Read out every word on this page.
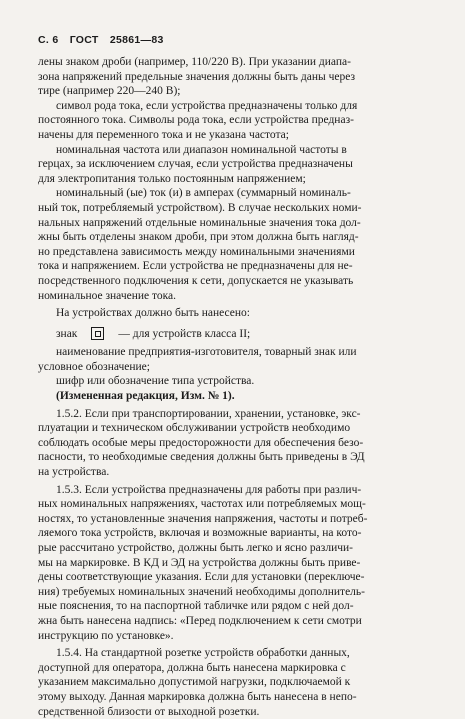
С. 6 ГОСТ 25861—83
лены знаком дроби (например, 110/220 В). При указании диапа-
зона напряжений предельные значения должны быть даны через
тире (например 220—240 В);
символ рода тока, если устройства предназначены только для
постоянного тока. Символы рода тока, если устройства предназ-
начены для переменного тока и не указана частота;
номинальная частота или диапазон номинальной частоты в
герцах, за исключением случая, если устройства предназначены
для электропитания только постоянным напряжением;
номинальный (ые) ток (и) в амперах (суммарный номиналь-
ный ток, потребляемый устройством). В случае нескольких номи-
нальных напряжений отдельные номинальные значения тока дол-
жны быть отделены знаком дроби, при этом должна быть нагляд-
но представлена зависимость между номинальными значениями
тока и напряжением. Если устройства не предназначены для не-
посредственного подключения к сети, допускается не указывать
номинальное значение тока.
На устройствах должно быть нанесено:
знак	— для устройств класса II;
наименование предприятия-изготовителя, товарный знак или
условное обозначение;
шифр или обозначение типа устройства.
(Измененная редакция, Изм. № 1).
1.5.2. Если при транспортировании, хранении, установке, экс-
плуатации и техническом обслуживании устройств необходимо
соблюдать особые меры предосторожности для обеспечения безо-
пасности, то необходимые сведения должны быть приведены в ЭД
на устройства.
1.5.3. Если устройства предназначены для работы при различ-
ных номинальных напряжениях, частотах или потребляемых мощ-
ностях, то установленные значения напряжения, частоты и потреб-
ляемого тока устройств, включая и возможные варианты, на кото-
рые рассчитано устройство, должны быть легко и ясно различи-
мы на маркировке. В КД и ЭД на устройства должны быть приве-
дены соответствующие указания. Если для установки (переключе-
ния) требуемых номинальных значений необходимы дополнитель-
ные пояснения, то на паспортной табличке или рядом с ней дол-
жна быть нанесена надпись: «Перед подключением к сети смотри
инструкцию по установке».
1.5.4. На стандартной розетке устройств обработки данных,
доступной для оператора, должна быть нанесена маркировка с
указанием максимально допустимой нагрузки, подключаемой к
этому выходу. Данная маркировка должна быть нанесена в непо-
средственной близости от выходной розетки.
